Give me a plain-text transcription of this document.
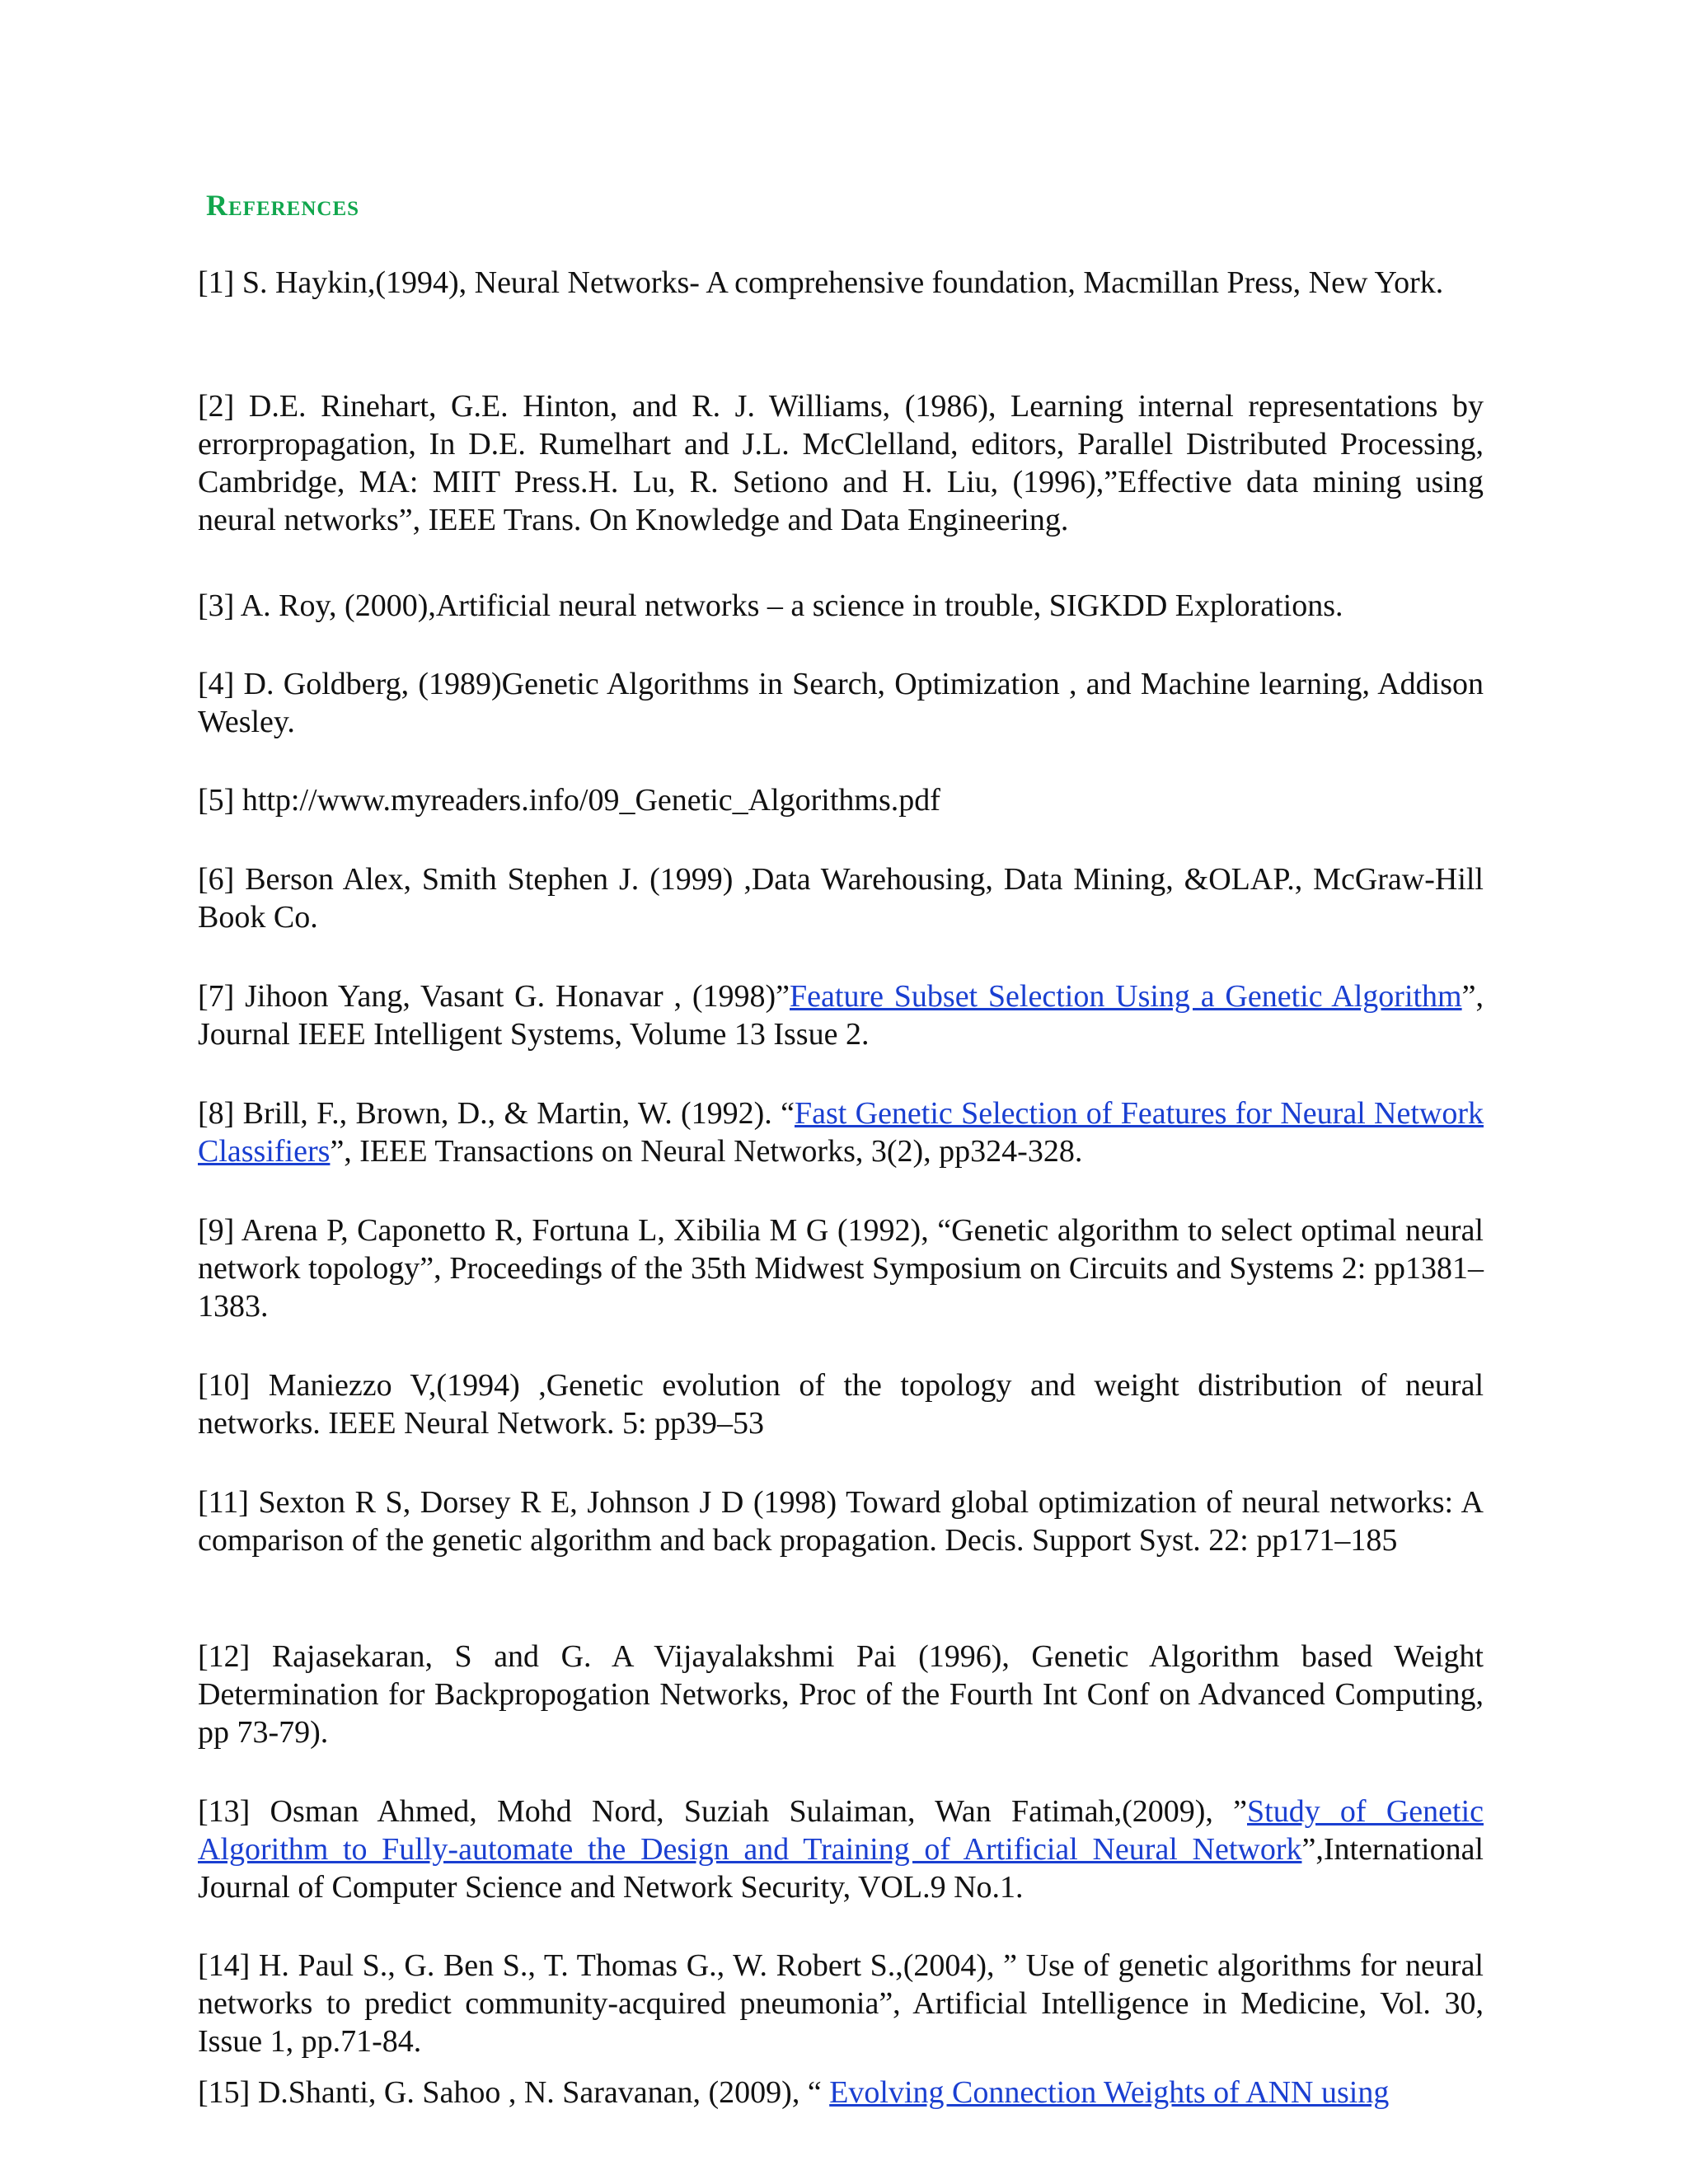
References

[1] S. Haykin,(1994), Neural Networks- A comprehensive foundation, Macmillan Press, New York.

[2] D.E. Rinehart, G.E. Hinton, and R. J. Williams, (1986), Learning internal representations by errorpropagation, In D.E. Rumelhart and J.L. McClelland, editors, Parallel Distributed Processing, Cambridge, MA: MIIT Press.H. Lu, R. Setiono and H. Liu, (1996),”Effective data mining using neural networks”, IEEE Trans. On Knowledge and Data Engineering.

[3] A. Roy, (2000),Artificial neural networks – a science in trouble, SIGKDD Explorations.

[4] D. Goldberg, (1989)Genetic Algorithms in Search, Optimization , and Machine learning, Addison Wesley.

[5] http://www.myreaders.info/09_Genetic_Algorithms.pdf

[6] Berson Alex, Smith Stephen J. (1999) ,Data Warehousing, Data Mining, &OLAP., McGraw-Hill Book Co.

[7] Jihoon Yang, Vasant G. Honavar , (1998)”Feature Subset Selection Using a Genetic Algorithm”, Journal IEEE Intelligent Systems, Volume 13 Issue 2.

[8] Brill, F., Brown, D., & Martin, W. (1992). “Fast Genetic Selection of Features for Neural Network Classifiers”, IEEE Transactions on Neural Networks, 3(2), pp324-328.

[9] Arena P, Caponetto R, Fortuna L, Xibilia M G (1992), “Genetic algorithm to select optimal neural network topology”, Proceedings of the 35th Midwest Symposium on Circuits and Systems 2: pp1381– 1383.

[10] Maniezzo V,(1994) ,Genetic evolution of the topology and weight distribution of neural networks. IEEE Neural Network. 5: pp39–53

[11] Sexton R S, Dorsey R E, Johnson J D (1998) Toward global optimization of neural networks: A comparison of the genetic algorithm and back propagation. Decis. Support Syst. 22: pp171–185

[12] Rajasekaran, S and G. A Vijayalakshmi Pai (1996), Genetic Algorithm based Weight Determination for Backpropogation Networks, Proc of the Fourth Int Conf on Advanced Computing, pp 73-79).

[13] Osman Ahmed, Mohd Nord, Suziah Sulaiman, Wan Fatimah,(2009), ”Study of Genetic Algorithm to Fully-automate the Design and Training of Artificial Neural Network”,International Journal of Computer Science and Network Security, VOL.9 No.1.

[14] H. Paul S., G. Ben S., T. Thomas G., W. Robert S.,(2004), ” Use of genetic algorithms for neural networks to predict community-acquired pneumonia”, Artificial Intelligence in Medicine, Vol. 30, Issue 1, pp.71-84.

[15] D.Shanti, G. Sahoo , N. Saravanan, (2009), “ Evolving Connection Weights of ANN using
